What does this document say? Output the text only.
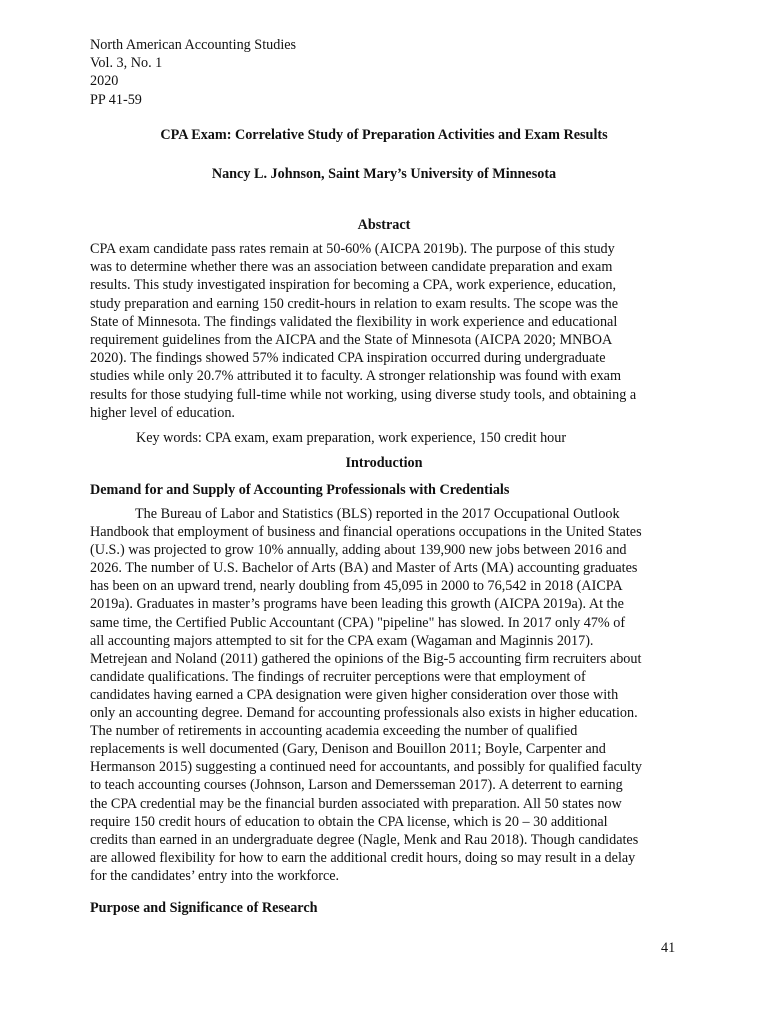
North American Accounting Studies
Vol. 3, No. 1
2020
PP 41-59
CPA Exam: Correlative Study of Preparation Activities and Exam Results
Nancy L. Johnson, Saint Mary’s University of Minnesota
Abstract
CPA exam candidate pass rates remain at 50-60% (AICPA 2019b). The purpose of this study
was to determine whether there was an association between candidate preparation and exam
results. This study investigated inspiration for becoming a CPA, work experience, education,
study preparation and earning 150 credit-hours in relation to exam results. The scope was the
State of Minnesota. The findings validated the flexibility in work experience and educational
requirement guidelines from the AICPA and the State of Minnesota (AICPA 2020; MNBOA
2020). The findings showed 57% indicated CPA inspiration occurred during undergraduate
studies while only 20.7% attributed it to faculty. A stronger relationship was found with exam
results for those studying full-time while not working, using diverse study tools, and obtaining a
higher level of education.
Key words: CPA exam, exam preparation, work experience, 150 credit hour
Introduction
Demand for and Supply of Accounting Professionals with Credentials
The Bureau of Labor and Statistics (BLS) reported in the 2017 Occupational Outlook
Handbook that employment of business and financial operations occupations in the United States
(U.S.) was projected to grow 10% annually, adding about 139,900 new jobs between 2016 and
2026. The number of U.S. Bachelor of Arts (BA) and Master of Arts (MA) accounting graduates
has been on an upward trend, nearly doubling from 45,095 in 2000 to 76,542 in 2018 (AICPA
2019a). Graduates in master’s programs have been leading this growth (AICPA 2019a). At the
same time, the Certified Public Accountant (CPA) "pipeline" has slowed. In 2017 only 47% of
all accounting majors attempted to sit for the CPA exam (Wagaman and Maginnis 2017).
Metrejean and Noland (2011) gathered the opinions of the Big-5 accounting firm recruiters about
candidate qualifications. The findings of recruiter perceptions were that employment of
candidates having earned a CPA designation were given higher consideration over those with
only an accounting degree. Demand for accounting professionals also exists in higher education.
The number of retirements in accounting academia exceeding the number of qualified
replacements is well documented (Gary, Denison and Bouillon 2011; Boyle, Carpenter and
Hermanson 2015) suggesting a continued need for accountants, and possibly for qualified faculty
to teach accounting courses (Johnson, Larson and Demersseman 2017). A deterrent to earning
the CPA credential may be the financial burden associated with preparation. All 50 states now
require 150 credit hours of education to obtain the CPA license, which is 20 – 30 additional
credits than earned in an undergraduate degree (Nagle, Menk and Rau 2018). Though candidates
are allowed flexibility for how to earn the additional credit hours, doing so may result in a delay
for the candidates’ entry into the workforce.
Purpose and Significance of Research
41
